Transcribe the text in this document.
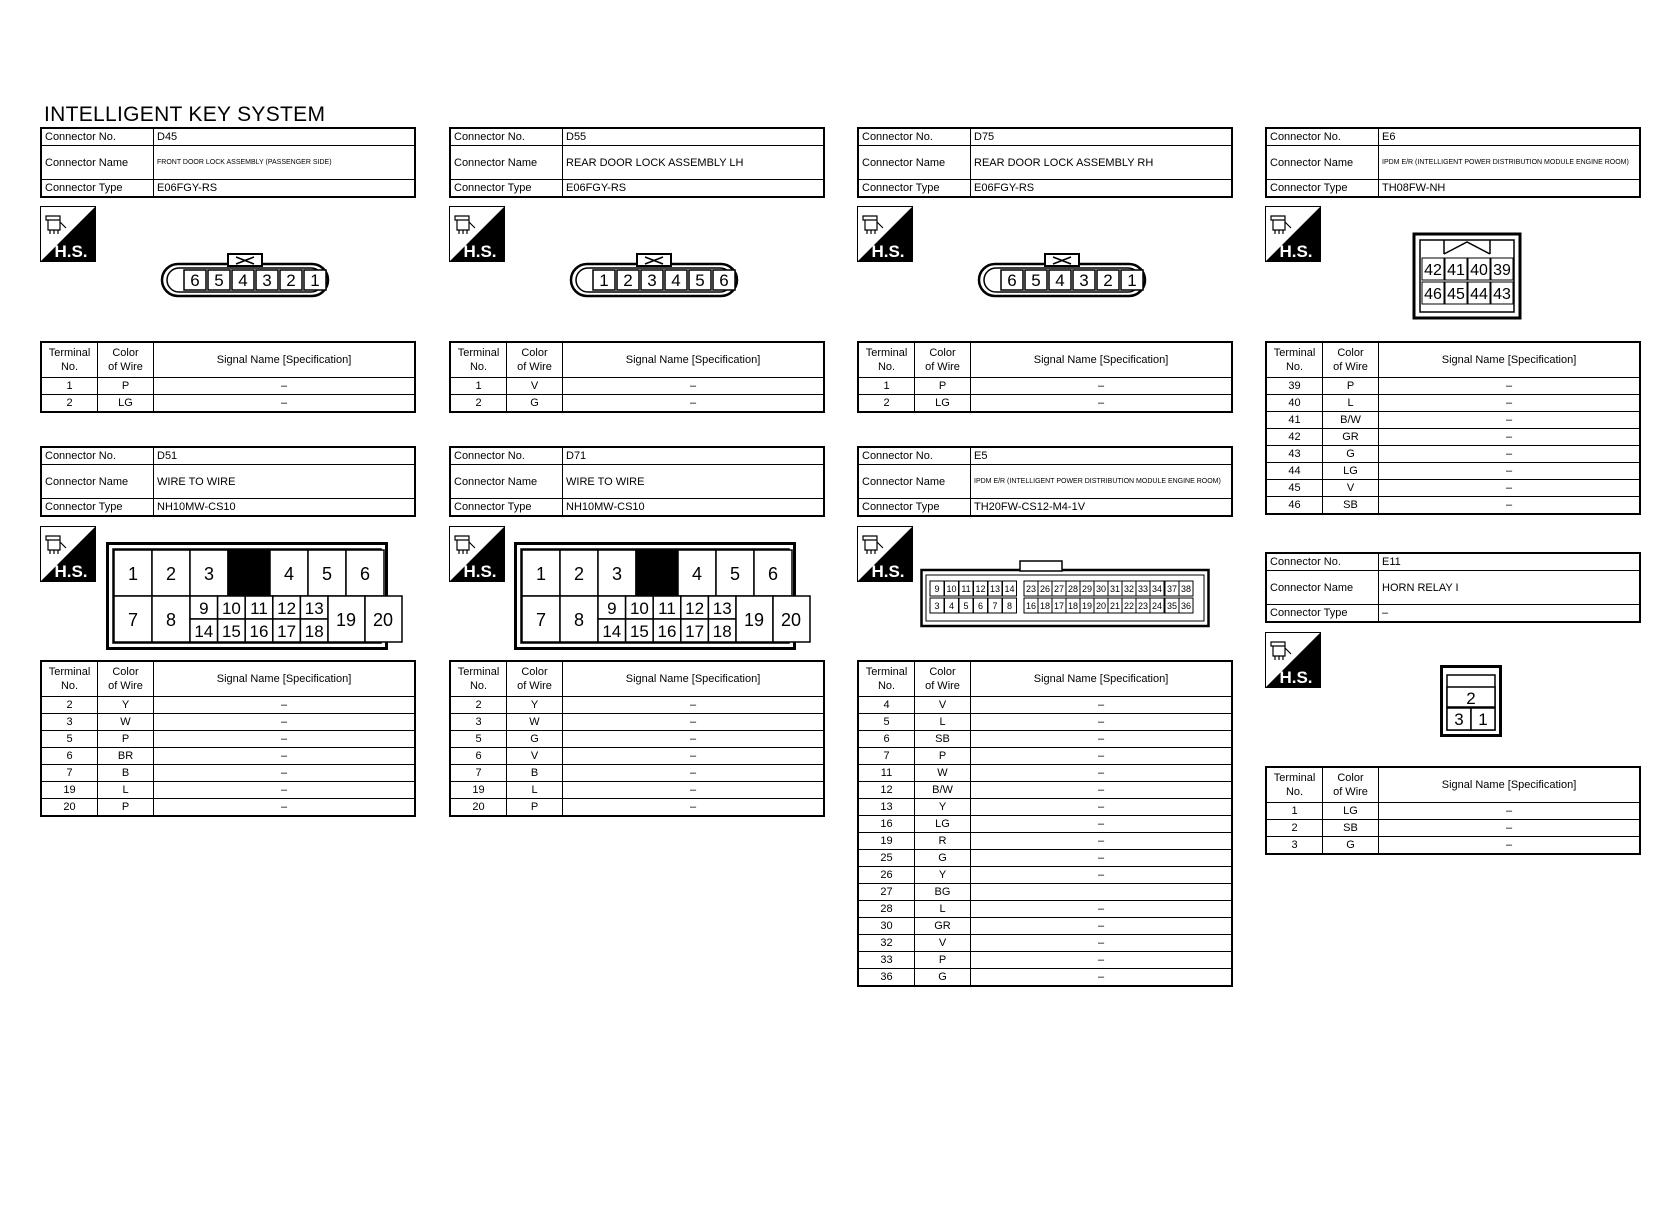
INTELLIGENT KEY SYSTEM
Connector No.	D45
Connector Name	FRONT DOOR LOCK ASSEMBLY (PASSENGER SIDE)
Connector Type	E06FGY-RS
H.S.
6 5 4 3 2 1
Terminal
No.	Color
of Wire	Signal Name [Specification]
1	P	–
2	LG	–
Connector No.	D55
Connector Name	REAR DOOR LOCK ASSEMBLY LH
Connector Type	E06FGY-RS
H.S.
1 2 3 4 5 6
Terminal
No.	Color
of Wire	Signal Name [Specification]
1	V	–
2	G	–
Connector No.	D75
Connector Name	REAR DOOR LOCK ASSEMBLY RH
Connector Type	E06FGY-RS
H.S.
6 5 4 3 2 1
Terminal
No.	Color
of Wire	Signal Name [Specification]
1	P	–
2	LG	–
Connector No.	E6
Connector Name	IPDM E/R (INTELLIGENT POWER DISTRIBUTION MODULE ENGINE ROOM)
Connector Type	TH08FW-NH
H.S.
42 41 40 39
46 45 44 43
Terminal
No.	Color
of Wire	Signal Name [Specification]
39	P	–
40	L	–
41	B/W	–
42	GR	–
43	G	–
44	LG	–
45	V	–
46	SB	–
Connector No.	D51
Connector Name	WIRE TO WIRE
Connector Type	NH10MW-CS10
H.S. 1 2 3	4 5 6
7 8
9
14
10
15
11
16
12
17
13
18
19 20
Terminal
No.	Color
of Wire	Signal Name [Specification]
2	Y	–
3	W	–
5	P	–
6	BR	–
7	B	–
19	L	–
20	P	–
Connector No.	D71
Connector Name	WIRE TO WIRE
Connector Type	NH10MW-CS10
H.S. 1 2 3	4 5 6
7 8
9
14
10
15
11
16
12
17
13
18
19 20
Terminal
No.	Color
of Wire	Signal Name [Specification]
2	Y	–
3	W	–
5	G	–
6	V	–
7	B	–
19	L	–
20	P	–
Connector No.	E5
Connector Name	IPDM E/R (INTELLIGENT POWER DISTRIBUTION MODULE ENGINE ROOM)
Connector Type	TH20FW-CS12-M4-1V
H.S.
9
3
10
4
11
5
12
6
13
7
14
8
23
16
26
18
27
17
28
18
29
19
30
20
31
21
32
22
33
23
34
24
37
35
38
36
Terminal
No.	Color
of Wire	Signal Name [Specification]
4	V	–
5	L	–
6	SB	–
7	P	–
11	W	–
12	B/W	–
13	Y	–
16	LG	–
19	R	–
25	G	–
26	Y	–
27	BG	
28	L	–
30	GR	–
32	V	–
33	P	–
36	G	–
Connector No.	E11
Connector Name	HORN RELAY I
Connector Type	–
H.S.
2
3 1
Terminal
No.	Color
of Wire	Signal Name [Specification]
1	LG	–
2	SB	–
3	G	–
